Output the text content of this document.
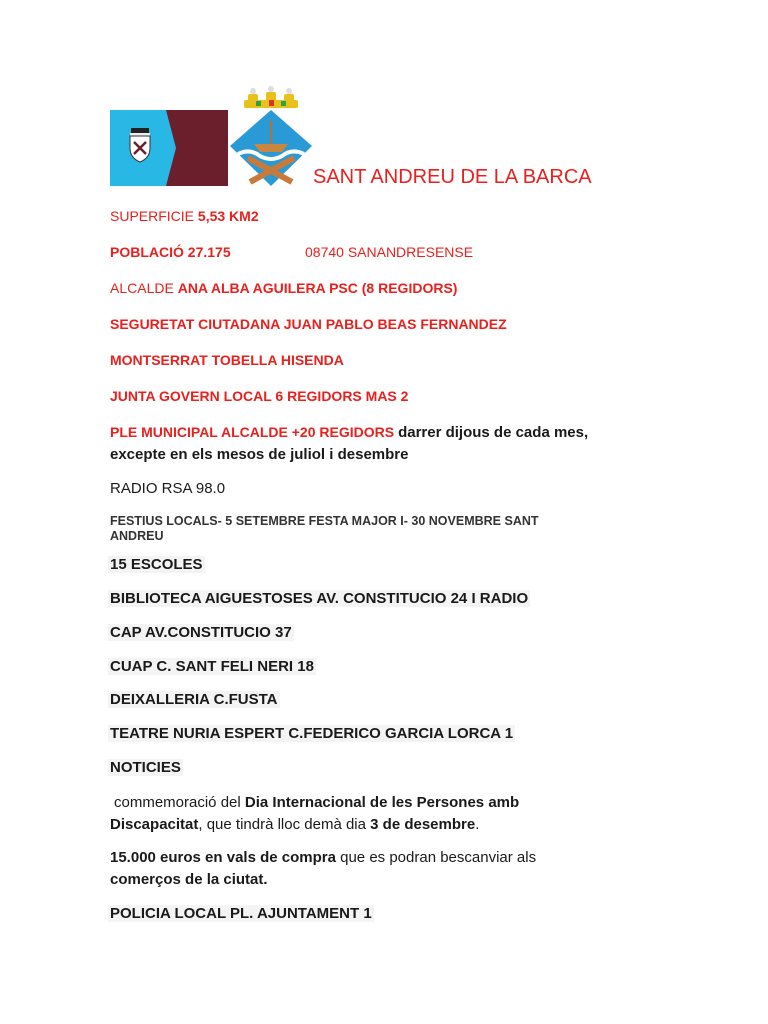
SANT ANDREU DE LA BARCA
SUPERFICIE 5,53 KM2
POBLACIÓ 27.175	08740 SANANDRESENSE
ALCALDE ANA ALBA AGUILERA PSC (8 REGIDORS)
SEGURETAT CIUTADANA JUAN PABLO BEAS FERNANDEZ
MONTSERRAT TOBELLA HISENDA
JUNTA GOVERN LOCAL 6 REGIDORS MAS 2
PLE MUNICIPAL ALCALDE +20 REGIDORS darrer dijous de cada mes,
excepte en els mesos de juliol i desembre
RADIO RSA 98.0
FESTIUS LOCALS- 5 SETEMBRE FESTA MAJOR I- 30 NOVEMBRE SANT
ANDREU
15 ESCOLES
BIBLIOTECA AIGUESTOSES AV. CONSTITUCIO 24 I RADIO
CAP AV.CONSTITUCIO 37
CUAP C. SANT FELI NERI 18
DEIXALLERIA C.FUSTA
TEATRE NURIA ESPERT C.FEDERICO GARCIA LORCA 1
NOTICIES
commemoració del Dia Internacional de les Persones amb
Discapacitat, que tindrà lloc demà dia 3 de desembre.
15.000 euros en vals de compra que es podran bescanviar als
comerços de la ciutat.
POLICIA LOCAL PL. AJUNTAMENT 1
